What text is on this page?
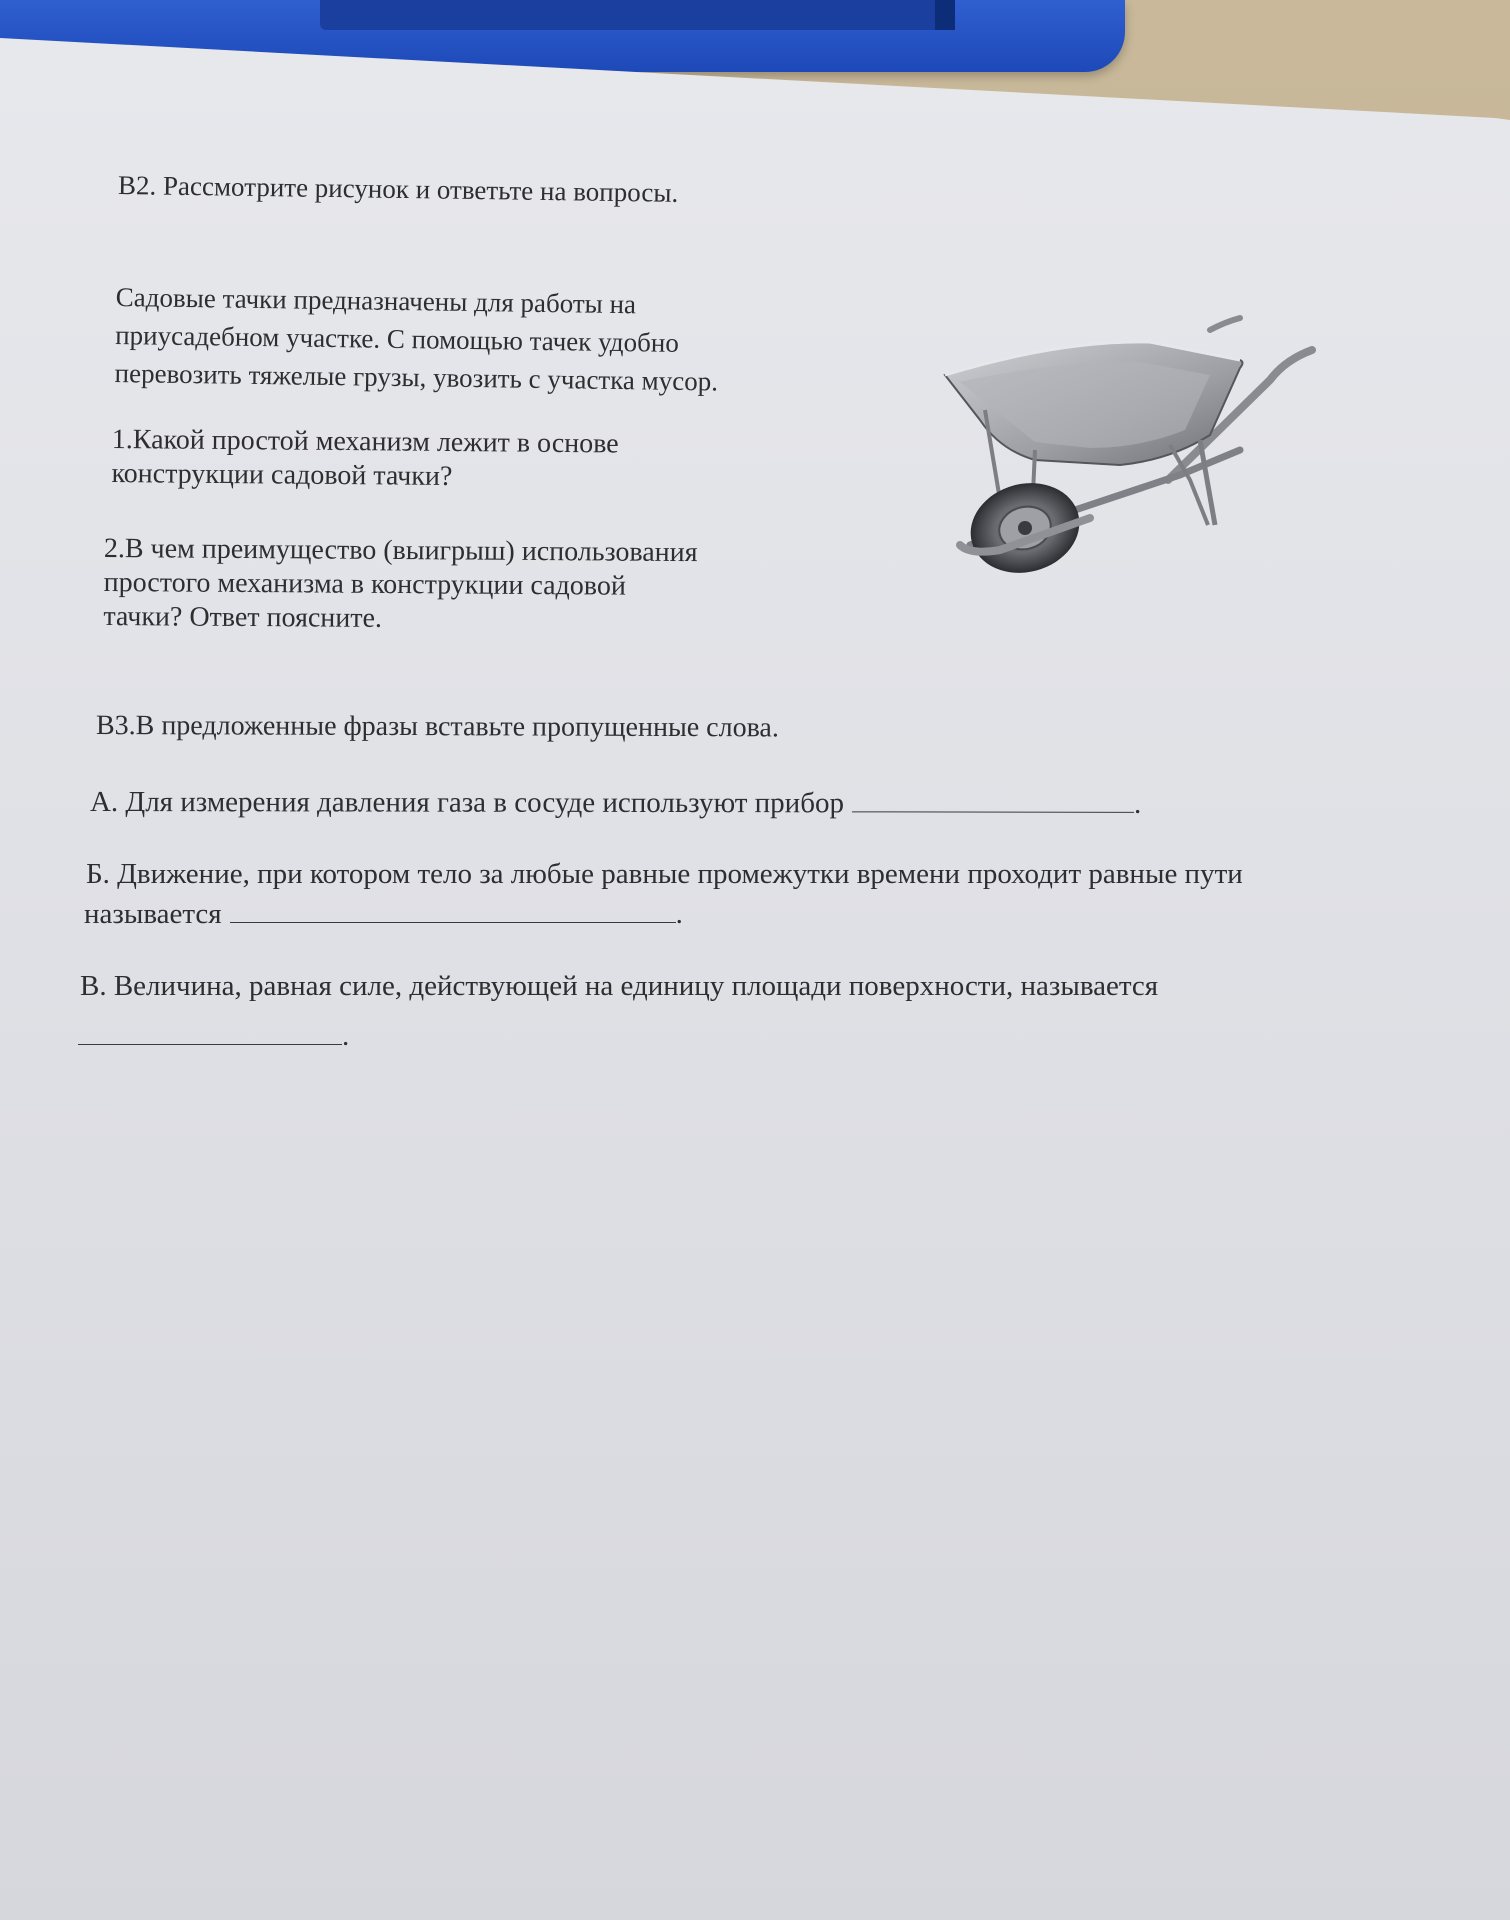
В2. Рассмотрите рисунок и ответьте на вопросы.
Садовые тачки предназначены для работы на
приусадебном участке. С помощью тачек удобно
перевозить тяжелые грузы, увозить с участка мусор.
1.Какой простой механизм лежит в основе
конструкции садовой тачки?
2.В чем преимущество (выигрыш) использования
простого механизма в конструкции садовой
тачки? Ответ поясните.
В3.В предложенные фразы вставьте пропущенные слова.
А. Для измерения давления газа в сосуде используют прибор	.
Б. Движение, при котором тело за любые равные промежутки времени проходит равные пути
называется	.
В. Величина, равная силе, действующей на единицу площади поверхности, называется
.
